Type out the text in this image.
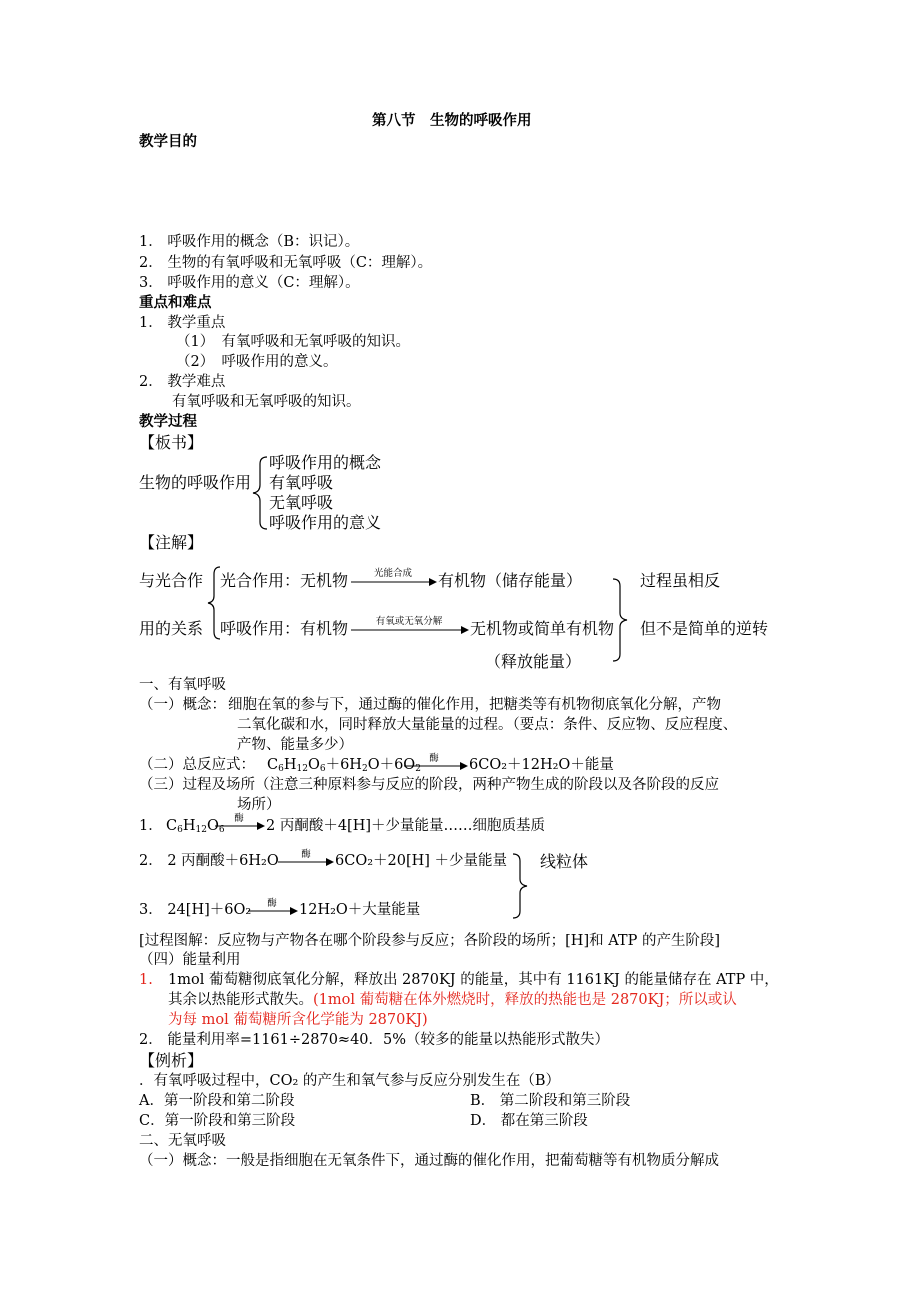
第八节　生物的呼吸作用
教学目的
1． 呼吸作用的概念（B：识记）。
2． 生物的有氧呼吸和无氧呼吸（C：理解）。
3． 呼吸作用的意义（C：理解）。
重点和难点
1． 教学重点
（1）　有氧呼吸和无氧呼吸的知识。
（2）　呼吸作用的意义。
2． 教学难点
有氧呼吸和无氧呼吸的知识。
教学过程
【板书】
生物的呼吸作用
呼吸作用的概念
有氧呼吸
无氧呼吸
呼吸作用的意义
【注解】
与光合作
用的关系
光合作用：无机物	光能合成 有机物（储存能量）
呼吸作用：有机物	有氧或无氧分解 无机物或简单有机物
（释放能量）
过程虽相反
但不是简单的逆转
一、有氧呼吸
（一）概念： 细胞在氧的参与下，通过酶的催化作用，把糖类等有机物彻底氧化分解，产物
二氧化碳和水，同时释放大量能量的过程。（要点：条件、反应物、反应程度、
产物、能量多少）
（二）总反应式： $C_6H_{12}O_6+6H_2O+6O_2$
酶 6CO₂＋12H₂O＋能量
（三）过程及场所（注意三种原料参与反应的阶段，两种产物生成的阶段以及各阶段的反应
场所）
1． $C_6H_{12}O_6$
酶 2 丙酮酸＋4[H]＋少量能量……细胞质基质
2． 2 丙酮酸＋6H₂O 酶 6CO₂＋20[H] ＋少量能量
3． 24[H]＋6O₂ 酶 12H₂O＋大量能量
线粒体
[过程图解：反应物与产物各在哪个阶段参与反应；各阶段的场所；[H]和 ATP 的产生阶段]
（四）能量利用
1. 1mol 葡萄糖彻底氧化分解，释放出 2870KJ 的能量，其中有 1161KJ 的能量储存在 ATP 中，
其余以热能形式散失。(1mol 葡萄糖在体外燃烧时，释放的热能也是 2870KJ；所以或认
为每 mol 葡萄糖所含化学能为 2870KJ)
2． 能量利用率=1161÷2870≈40．5%（较多的能量以热能形式散失）
【例析】
．有氧呼吸过程中，CO₂ 的产生和氧气参与反应分别发生在（B）
A．第一阶段和第二阶段	B． 第二阶段和第三阶段
C．第一阶段和第三阶段	D． 都在第三阶段
二、无氧呼吸
（一）概念：一般是指细胞在无氧条件下，通过酶的催化作用，把葡萄糖等有机物质分解成
